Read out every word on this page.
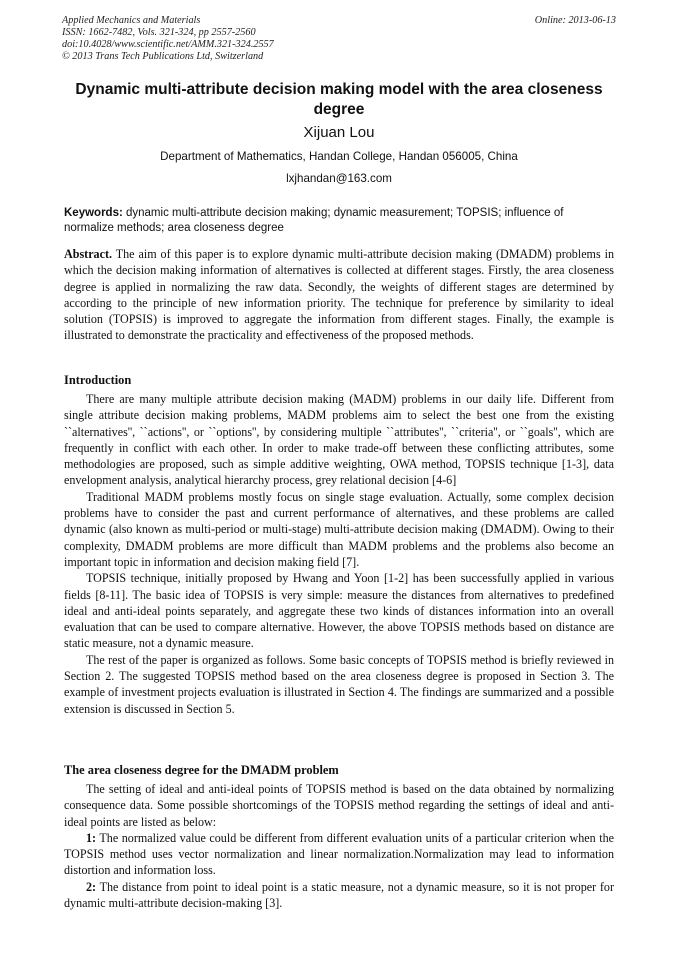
Applied Mechanics and Materials
ISSN: 1662-7482, Vols. 321-324, pp 2557-2560
doi:10.4028/www.scientific.net/AMM.321-324.2557
© 2013 Trans Tech Publications Ltd, Switzerland
Online: 2013-06-13
Dynamic multi-attribute decision making model with the area closeness degree
Xijuan Lou
Department of Mathematics, Handan College, Handan 056005, China
lxjhandan@163.com
Keywords: dynamic multi-attribute decision making; dynamic measurement; TOPSIS; influence of normalize methods; area closeness degree
Abstract. The aim of this paper is to explore dynamic multi-attribute decision making (DMADM) problems in which the decision making information of alternatives is collected at different stages. Firstly, the area closeness degree is applied in normalizing the raw data. Secondly, the weights of different stages are determined by according to the principle of new information priority. The technique for preference by similarity to ideal solution (TOPSIS) is improved to aggregate the information from different stages. Finally, the example is illustrated to demonstrate the practicality and effectiveness of the proposed methods.
Introduction

There are many multiple attribute decision making (MADM) problems in our daily life. Different from single attribute decision making problems, MADM problems aim to select the best one from the existing ``alternatives'', ``actions'', or ``options'', by considering multiple ``attributes'', ``criteria'', or ``goals'', which are frequently in conflict with each other. In order to make trade-off between these conflicting attributes, some methodologies are proposed, such as simple additive weighting, OWA method, TOPSIS technique [1-3], data envelopment analysis, analytical hierarchy process, grey relational decision [4-6]

Traditional MADM problems mostly focus on single stage evaluation. Actually, some complex decision problems have to consider the past and current performance of alternatives, and these problems are called dynamic (also known as multi-period or multi-stage) multi-attribute decision making (DMADM). Owing to their complexity, DMADM problems are more difficult than MADM problems and the problems also become an important topic in information and decision making field [7].

TOPSIS technique, initially proposed by Hwang and Yoon [1-2] has been successfully applied in various fields [8-11]. The basic idea of TOPSIS is very simple: measure the distances from alternatives to predefined ideal and anti-ideal points separately, and aggregate these two kinds of distances information into an overall evaluation that can be used to compare alternative. However, the above TOPSIS methods based on distance are static measure, not a dynamic measure.

The rest of the paper is organized as follows. Some basic concepts of TOPSIS method is briefly reviewed in Section 2. The suggested TOPSIS method based on the area closeness degree is proposed in Section 3. The example of investment projects evaluation is illustrated in Section 4. The findings are summarized and a possible extension is discussed in Section 5.

The area closeness degree for the DMADM problem

The setting of ideal and anti-ideal points of TOPSIS method is based on the data obtained by normalizing consequence data. Some possible shortcomings of the TOPSIS method regarding the settings of ideal and anti-ideal points are listed as below:

1: The normalized value could be different from different evaluation units of a particular criterion when the TOPSIS method uses vector normalization and linear normalization.Normalization may lead to information distortion and information loss.

2: The distance from point to ideal point is a static measure, not a dynamic measure, so it is not proper for dynamic multi-attribute decision-making [3].
